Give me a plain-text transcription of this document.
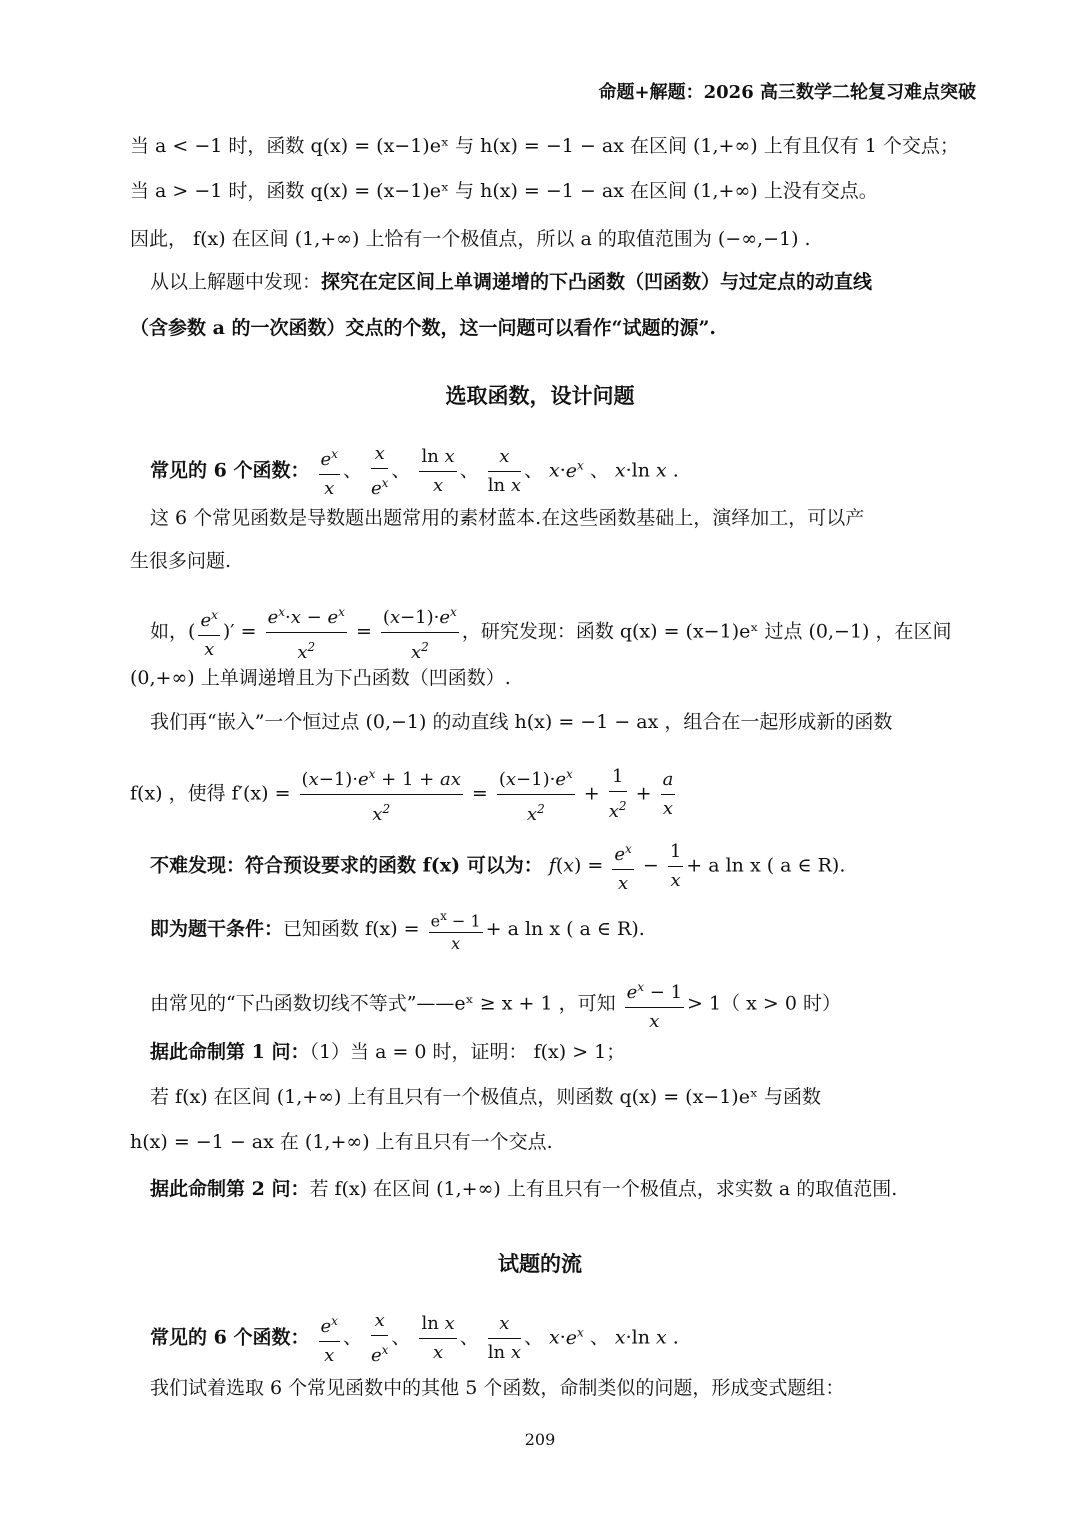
命题+解题：2026 高三数学二轮复习难点突破
当 a < −1 时，函数 q(x) = (x−1)eˣ 与 h(x) = −1 − ax 在区间 (1,+∞) 上有且仅有 1 个交点；
当 a > −1 时，函数 q(x) = (x−1)eˣ 与 h(x) = −1 − ax 在区间 (1,+∞) 上没有交点。
因此， f(x) 在区间 (1,+∞) 上恰有一个极值点，所以 a 的取值范围为 (−∞,−1) .
从以上解题中发现：探究在定区间上单调递增的下凸函数（凹函数）与过定点的动直线
（含参数 a 的一次函数）交点的个数，这一问题可以看作“试题的源”.
选取函数，设计问题
常见的 6 个函数： $\frac{e^x}{x}$ 、 $\frac{x}{e^x}$ 、 $\frac{\text{ln x}}{x}$ 、 $\frac{x}{\text{ln x}}$ 、 $x\cdot e^x$ 、 x·ln x .
这 6 个常见函数是导数题出题常用的素材蓝本.在这些函数基础上，演绎加工，可以产
生很多问题.
如，( $\frac{e^x}{x}$ )′ = $\frac{e^x\cdot x - e^x}{x^2} = \frac{(x-1)\cdot e^x}{x^2}$ ，研究发现：函数 q(x) = (x−1)eˣ 过点 (0,−1) ，在区间
(0,+∞) 上单调递增且为下凸函数（凹函数）.
我们再“嵌入”一个恒过点 (0,−1) 的动直线 h(x) = −1 − ax ，组合在一起形成新的函数
f(x) ，使得 $f'(x) = \frac{(x-1)\cdot e^x + 1 + ax}{x^2} = \frac{(x-1)\cdot e^x}{x^2} + \frac{1}{x^2} + \frac{a}{x}$
不难发现：符合预设要求的函数 f(x) 可以为： $f(x) = \frac{e^x}{x} - \frac{1}{x} + a$ ln x ( a ∈ R).
即为题干条件：已知函数 $f(x) = \frac{e^x - 1}{x} + a$ ln x ( a ∈ R).
由常见的“下凸函数切线不等式”——eˣ ≥ x + 1 ，可知 $\frac{e^x - 1}{x} > 1$（ x > 0 时）
据此命制第 1 问：（1）当 a = 0 时，证明： f(x) > 1；
若 f(x) 在区间 (1,+∞) 上有且只有一个极值点，则函数 q(x) = (x−1)eˣ 与函数
h(x) = −1 − ax 在 (1,+∞) 上有且只有一个交点.
据此命制第 2 问：若 f(x) 在区间 (1,+∞) 上有且只有一个极值点，求实数 a 的取值范围.
试题的流
常见的 6 个函数： $\frac{e^x}{x}$ 、 $\frac{x}{e^x}$ 、 $\frac{\text{ln x}}{x}$ 、 $\frac{x}{\text{ln x}}$ 、 $x\cdot e^x$ 、 x·ln x .
我们试着选取 6 个常见函数中的其他 5 个函数，命制类似的问题，形成变式题组：
209
